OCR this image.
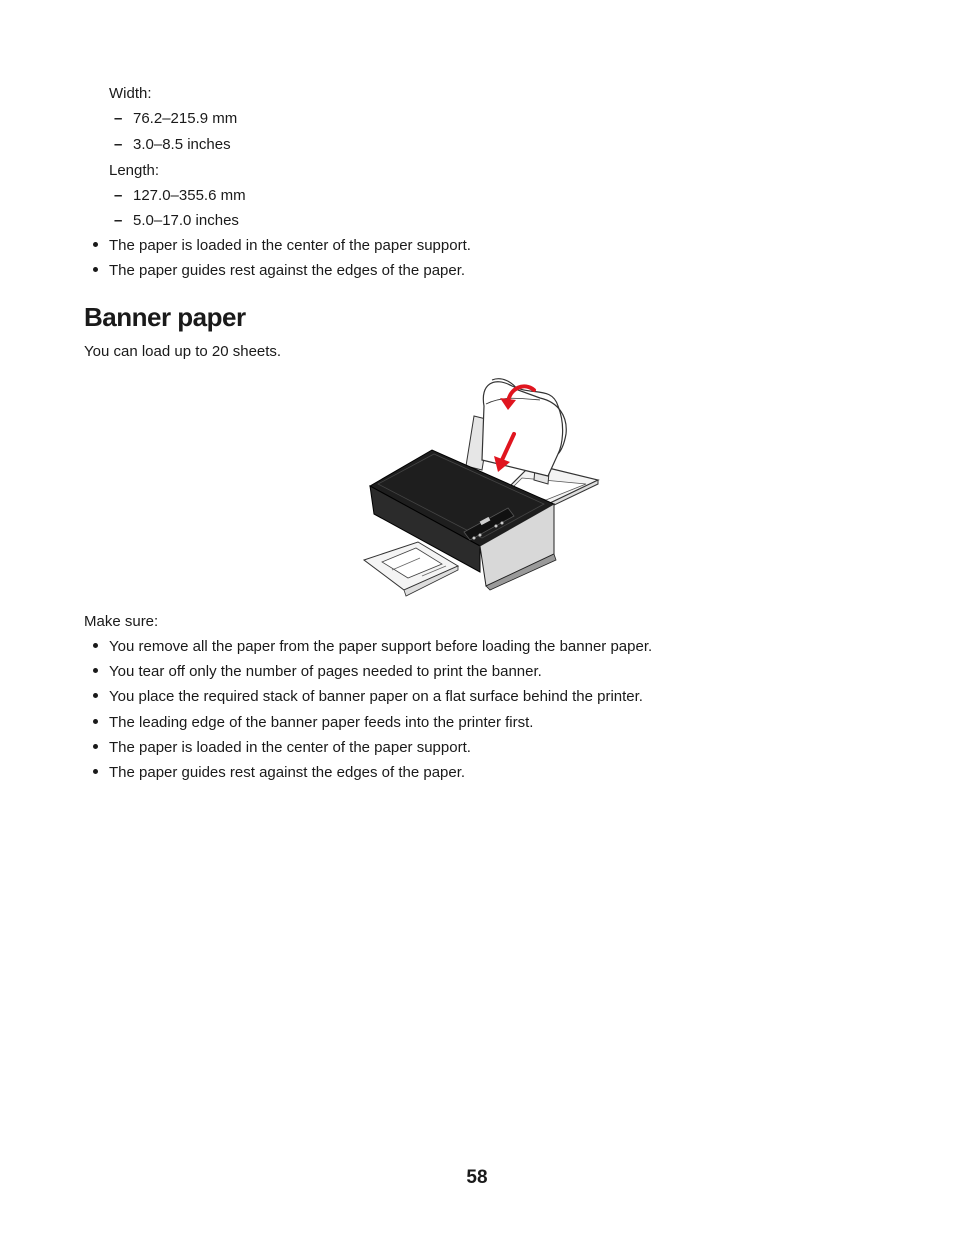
Width:
– 76.2–215.9 mm
– 3.0–8.5 inches
Length:
– 127.0–355.6 mm
– 5.0–17.0 inches
The paper is loaded in the center of the paper support.
The paper guides rest against the edges of the paper.
Banner paper
You can load up to 20 sheets.
Make sure:
You remove all the paper from the paper support before loading the banner paper.
You tear off only the number of pages needed to print the banner.
You place the required stack of banner paper on a flat surface behind the printer.
The leading edge of the banner paper feeds into the printer first.
The paper is loaded in the center of the paper support.
The paper guides rest against the edges of the paper.
58
